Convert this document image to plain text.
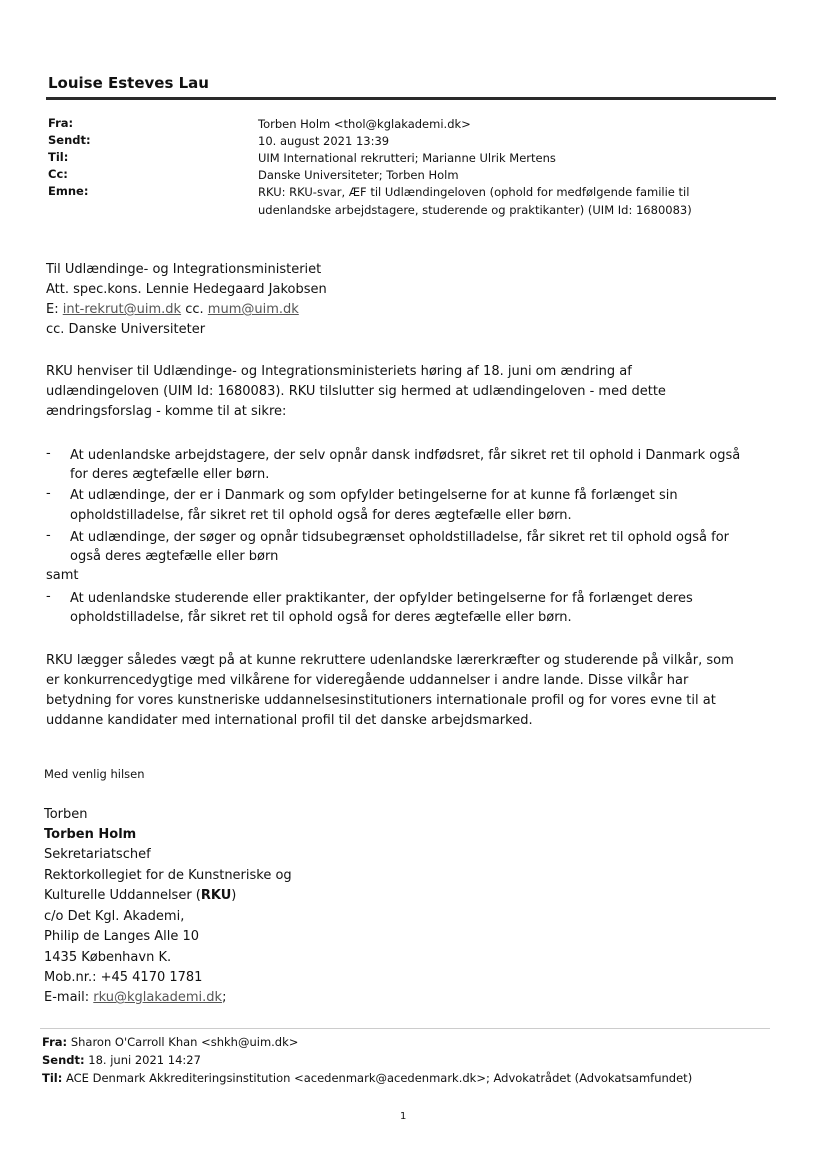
Louise Esteves Lau
Fra:	Torben Holm <thol@kglakademi.dk>
Sendt:	10. august 2021 13:39
Til:	UIM International rekrutteri; Marianne Ulrik Mertens
Cc:	Danske Universiteter; Torben Holm
Emne:	RKU: RKU-svar, ÆF til Udlændingeloven (ophold for medfølgende familie til
udenlandske arbejdstagere, studerende og praktikanter) (UIM Id: 1680083)
Til Udlændinge- og Integrationsministeriet
Att. spec.kons. Lennie Hedegaard Jakobsen
E: int-rekrut@uim.dk cc. mum@uim.dk
cc. Danske Universiteter
RKU henviser til Udlændinge- og Integrationsministeriets høring af 18. juni om ændring af
udlændingeloven (UIM Id: 1680083). RKU tilslutter sig hermed at udlændingeloven - med dette
ændringsforslag - komme til at sikre:
- At udenlandske arbejdstagere, der selv opnår dansk indfødsret, får sikret ret til ophold i Danmark også
for deres ægtefælle eller børn.
- At udlændinge, der er i Danmark og som opfylder betingelserne for at kunne få forlænget sin
opholdstilladelse, får sikret ret til ophold også for deres ægtefælle eller børn.
- At udlændinge, der søger og opnår tidsubegrænset opholdstilladelse, får sikret ret til ophold også for
også deres ægtefælle eller børn
samt
- At udenlandske studerende eller praktikanter, der opfylder betingelserne for få forlænget deres
opholdstilladelse, får sikret ret til ophold også for deres ægtefælle eller børn.
RKU lægger således vægt på at kunne rekruttere udenlandske lærerkræfter og studerende på vilkår, som
er konkurrencedygtige med vilkårene for videregående uddannelser i andre lande. Disse vilkår har
betydning for vores kunstneriske uddannelsesinstitutioners internationale profil og for vores evne til at
uddanne kandidater med international profil til det danske arbejdsmarked.
Med venlig hilsen
Torben
Torben Holm
Sekretariatschef
Rektorkollegiet for de Kunstneriske og
Kulturelle Uddannelser (RKU)
c/o Det Kgl. Akademi,
Philip de Langes Alle 10
1435 København K.
Mob.nr.: +45 4170 1781
E-mail: rku@kglakademi.dk;
Fra: Sharon O'Carroll Khan <shkh@uim.dk>
Sendt: 18. juni 2021 14:27
Til: ACE Denmark Akkrediteringsinstitution <acedenmark@acedenmark.dk>; Advokatrådet (Advokatsamfundet)
1
